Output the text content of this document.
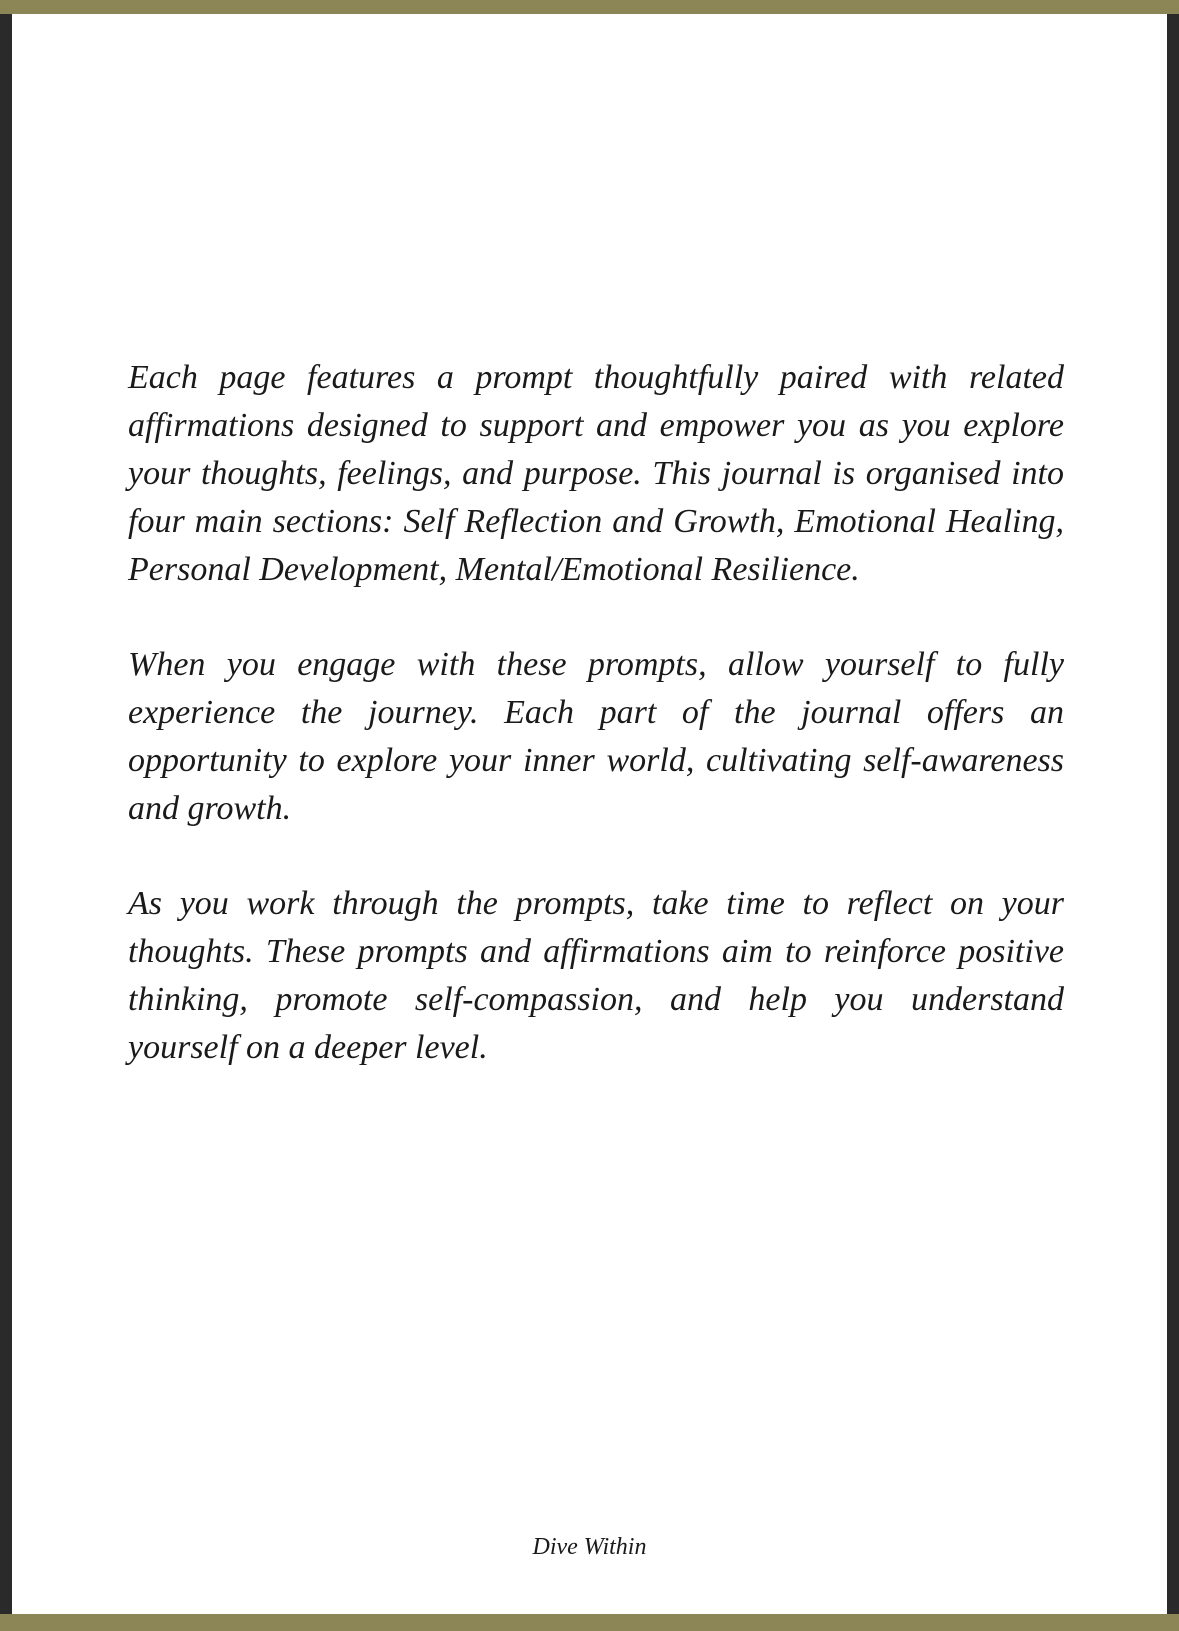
Each page features a prompt thoughtfully paired with related affirmations designed to support and empower you as you explore your thoughts, feelings, and purpose. This journal is organised into four main sections: Self Reflection and Growth, Emotional Healing, Personal Development, Mental/Emotional Resilience.

When you engage with these prompts, allow yourself to fully experience the journey. Each part of the journal offers an opportunity to explore your inner world, cultivating self-awareness and growth.

As you work through the prompts, take time to reflect on your thoughts. These prompts and affirmations aim to reinforce positive thinking, promote self-compassion, and help you understand yourself on a deeper level.

Dive Within
